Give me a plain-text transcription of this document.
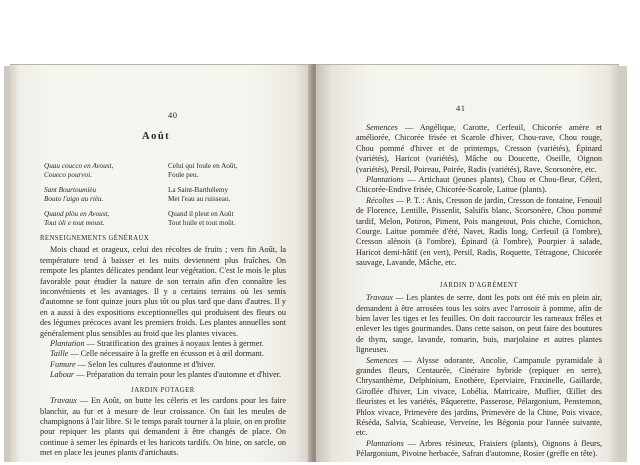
40
Août
Quau coucco en Avoust,
Coueco pourvoi.
Sant Bourtoumièu
Bouto l'aigo au rièu.
Quand plòu en Avoust,
Tout òli e tout moust.
Celui qui foule en Août,
Foule peu.
La Saint-Barthélemy
Met l'eau au ruisseau.
Quand il pleut en Août
Tout huile et tout moût.

RENSEIGNEMENTS GÉNÉRAUX

Mois chaud et orageux, celui des récoltes de fruits ; vers fin Août, la température tend à baisser et les nuits deviennent plus fraîches. On rempote les plantes délicates pendant leur végétation. C'est le mois le plus favorable pour étudier la nature de son terrain afin d'en connaître les inconvénients et les avantages. Il y a certains terrains où les semis d'automne se font quinze jours plus tôt ou plus tard que dans d'autres. Il y en a aussi à des expositions exceptionnelles qui produisent des fleurs ou des légumes précoces avant les premiers froids. Les plantes annuelles sont généralement plus sensibles au froid que les plantes vivaces.

Plantation — Stratification des graines à noyaux lentes à germer.

Taille — Celle nécessaire à la greffe en écusson et à œil dormant.

Fumure — Selon les cultures d'automne et d'hiver.

Labour — Préparation du terrain pour les plantes d'automne et d'hiver.

JARDIN POTAGER

Travaux — En Août, on butte les céleris et les cardons pour les faire blanchir, au fur et à mesure de leur croissance. On fait les meules de champignons à l'air libre. Si le temps paraît tourner à la pluie, on en profite pour repiquer les plants qui demandent à être changés de place. On continue à semer les épinards et les haricots tardifs. On bine, on sarcle, on met en place les jeunes plants d'artichauts.

41

Semences — Angélique, Carotte, Cerfeuil, Chicorée amère et améliorée, Chicorée frisée et Scarole d'hiver, Chou-rave, Chou rouge, Chou pommé d'hiver et de printemps, Cresson (variétés), Épinard (variétés), Haricot (variétés), Mâche ou Doucette, Oseille, Oignon (variétés), Persil, Poireau, Poirée, Radis (variétés), Rave, Scorsonère, etc.

Plantations — Artichaut (jeunes plants), Chou et Chou-fleur, Céleri, Chicorée-Endive frisée, Chicorée-Scarole, Laitue (plants).

Récoltes — P. T. : Anis, Cresson de jardin, Cresson de fontaine, Fenouil de Florence, Lentille, Pissenlit, Salsifis blanc, Scorsonère, Chou pommé tardif, Melon, Potiron, Piment, Pois mangetout, Pois chiche, Cornichon, Courge. Laitue pommée d'été, Navet, Radis long, Cerfeuil (à l'ombre), Cresson alénois (à l'ombre), Épinard (à l'ombre), Pourpier à salade, Haricot demi-hâtif (en vert), Persil, Radis, Roquette, Tétragone, Chicorée sauvage, Lavande, Mâche, etc.

JARDIN D'AGRÉMENT

Travaux — Les plantes de serre, dont les pots ont été mis en plein air, demandent à être arrosées tous les soirs avec l'arrosoir à pomme, afin de bien laver les tiges et les feuilles. On doit raccourcir les rameaux frêles et enlever les tiges gourmandes. Dans cette saison, on peut faire des boutures de thym, sauge, lavande, romarin, buis, marjolaine et autres plantes ligneuses.

Semences — Alysse odorante, Ancolie, Campanule pyramidale à grandes fleurs, Centaurée, Cinéraire hybride (repiquer en serre), Chrysanthème, Delphinium, Enothère, Eperviaire, Fraxinelle, Gaillarde, Giroflée d'hiver, Lin vivace, Lobélia, Matricaire, Muflier, Œillet des fleuristes et les variétés, Pâquerette, Passerose, Pélargonium, Penstemon, Phlox vivace, Primevère des jardins, Primevère de la Chine, Pois vivace, Réséda, Salvia, Scabieuse, Verveine, les Bégonia pour l'année suivante, etc.

Plantations — Arbres résineux, Fraisiers (plants), Oignons à fleurs, Pélargonium, Pivoine herbacée, Safran d'automne, Rosier (greffe en tête).
